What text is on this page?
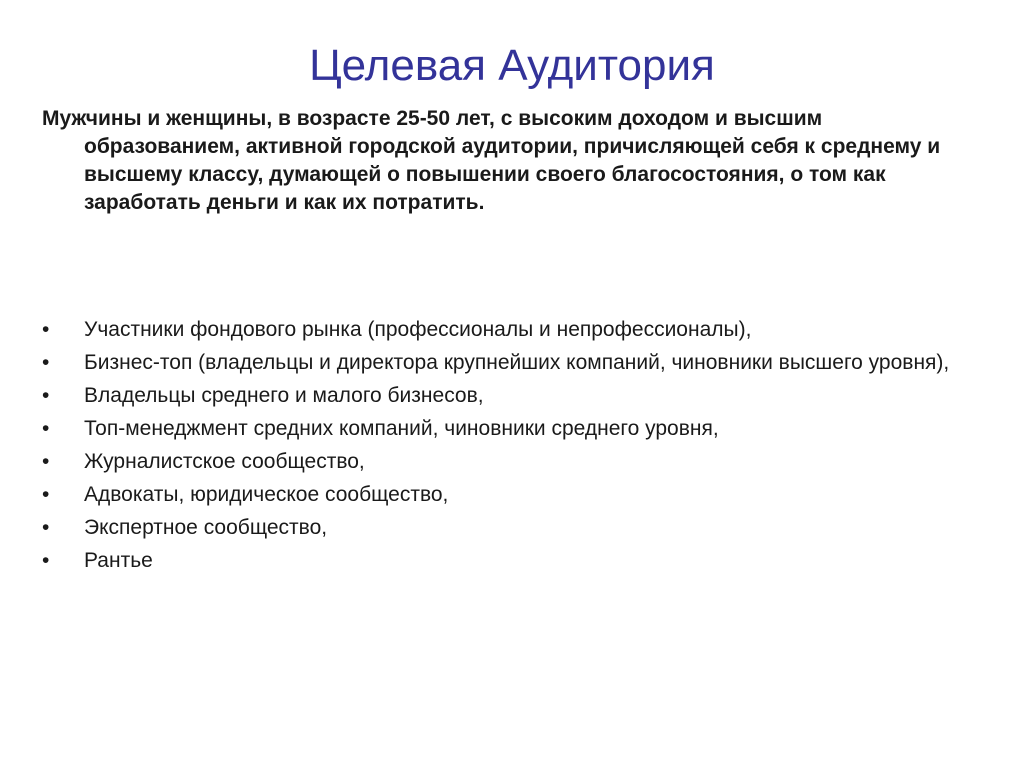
Целевая Аудитория
Мужчины и женщины, в возрасте 25-50 лет, с высоким доходом и высшим образованием, активной городской аудитории, причисляющей себя к среднему и высшему классу, думающей о повышении своего благосостояния, о том как заработать деньги и как их потратить.
•	Участники фондового рынка (профессионалы и непрофессионалы),
•	Бизнес-топ (владельцы и директора крупнейших компаний, чиновники высшего уровня),
•	Владельцы среднего и малого бизнесов,
•	Топ-менеджмент средних компаний, чиновники среднего уровня,
•	Журналистское сообщество,
•	Адвокаты, юридическое сообщество,
•	Экспертное сообщество,
•	Рантье
